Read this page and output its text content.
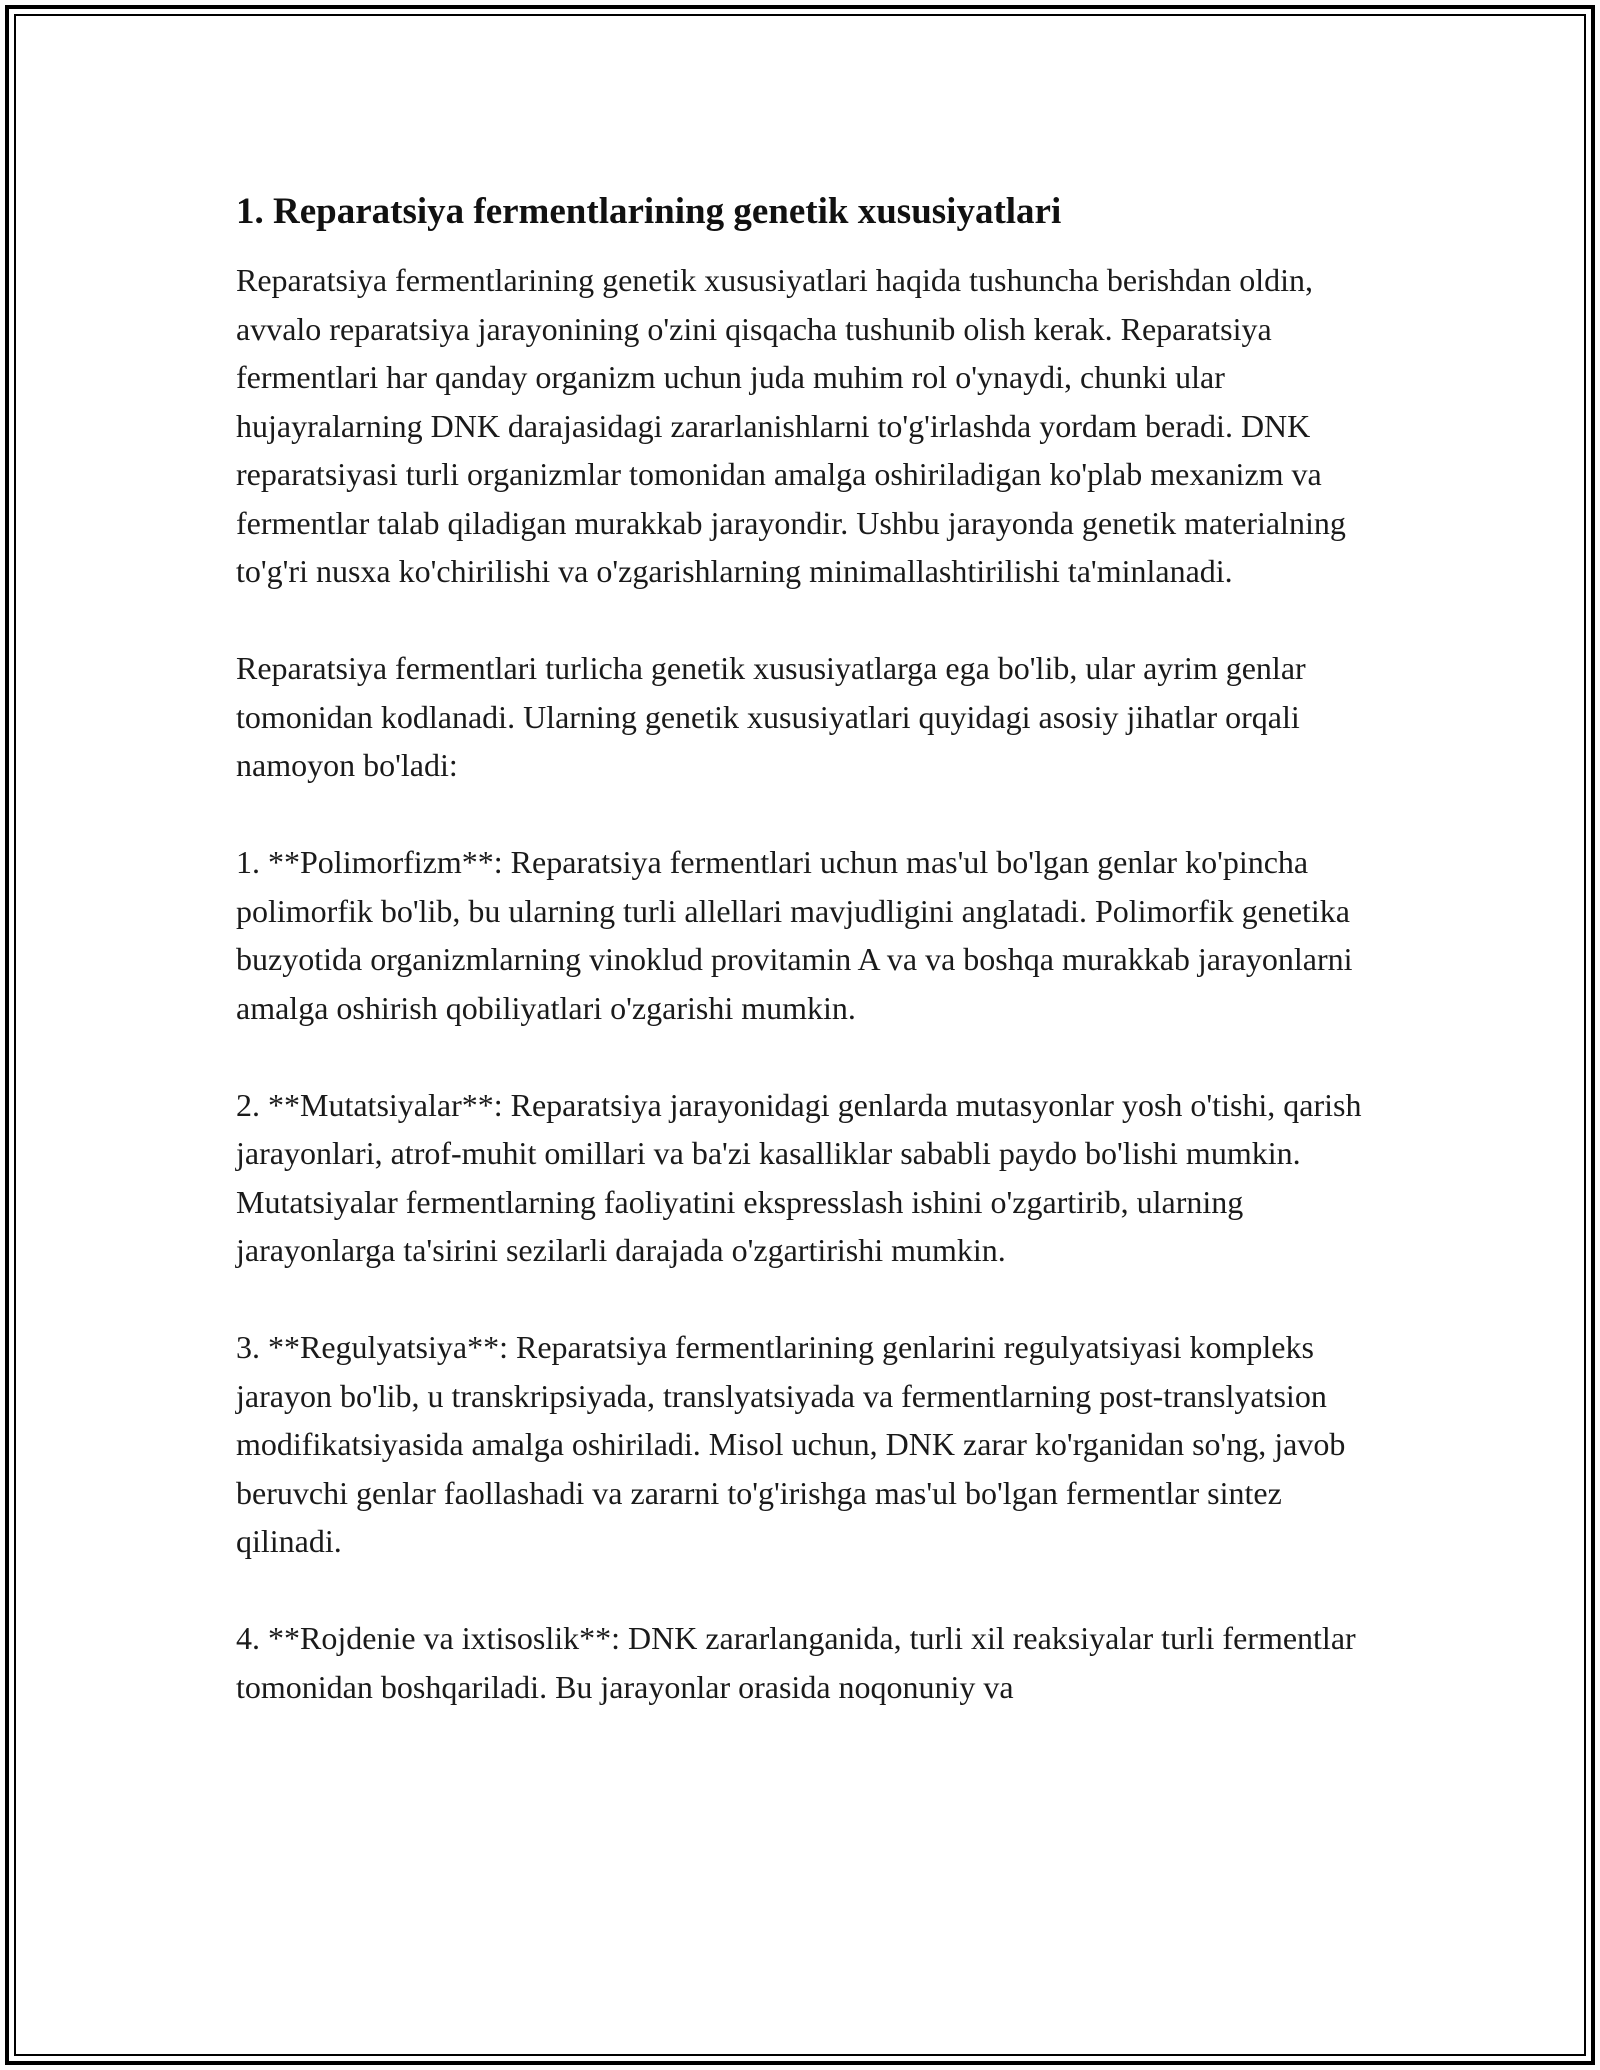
1. Reparatsiya fermentlarining genetik xususiyatlari

Reparatsiya fermentlarining genetik xususiyatlari haqida tushuncha berishdan oldin, avvalo reparatsiya jarayonining o'zini qisqacha tushunib olish kerak. Reparatsiya fermentlari har qanday organizm uchun juda muhim rol o'ynaydi, chunki ular hujayralarning DNK darajasidagi zararlanishlarni to'g'irlashda yordam beradi. DNK reparatsiyasi turli organizmlar tomonidan amalga oshiriladigan ko'plab mexanizm va fermentlar talab qiladigan murakkab jarayondir. Ushbu jarayonda genetik materialning to'g'ri nusxa ko'chirilishi va o'zgarishlarning minimallashtirilishi ta'minlanadi.

Reparatsiya fermentlari turlicha genetik xususiyatlarga ega bo'lib, ular ayrim genlar tomonidan kodlanadi. Ularning genetik xususiyatlari quyidagi asosiy jihatlar orqali namoyon bo'ladi:

1. **Polimorfizm**: Reparatsiya fermentlari uchun mas'ul bo'lgan genlar ko'pincha polimorfik bo'lib, bu ularning turli allellari mavjudligini anglatadi. Polimorfik genetika buzyotida organizmlarning vinoklud provitamin A va va boshqa murakkab jarayonlarni amalga oshirish qobiliyatlari o'zgarishi mumkin.

2. **Mutatsiyalar**: Reparatsiya jarayonidagi genlarda mutasyonlar yosh o'tishi, qarish jarayonlari, atrof-muhit omillari va ba'zi kasalliklar sababli paydo bo'lishi mumkin. Mutatsiyalar fermentlarning faoliyatini ekspresslash ishini o'zgartirib, ularning jarayonlarga ta'sirini sezilarli darajada o'zgartirishi mumkin.

3. **Regulyatsiya**: Reparatsiya fermentlarining genlarini regulyatsiyasi kompleks jarayon bo'lib, u transkripsiyada, translyatsiyada va fermentlarning post-translyatsion modifikatsiyasida amalga oshiriladi. Misol uchun, DNK zarar ko'rganidan so'ng, javob beruvchi genlar faollashadi va zararni to'g'irishga mas'ul bo'lgan fermentlar sintez qilinadi.

4. **Rojdenie va ixtisoslik**: DNK zararlanganida, turli xil reaksiyalar turli fermentlar tomonidan boshqariladi. Bu jarayonlar orasida noqonuniy va
